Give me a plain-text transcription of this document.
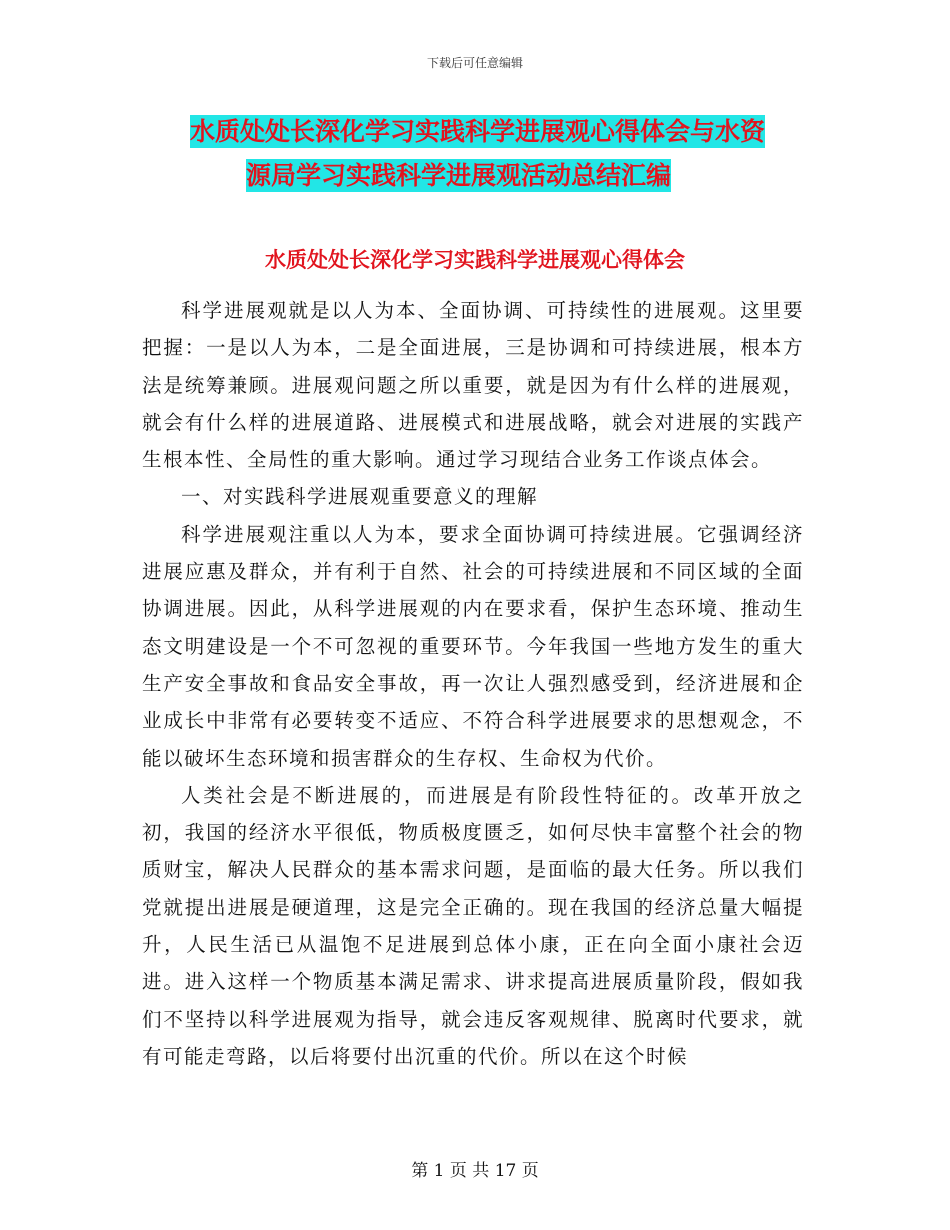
下载后可任意编辑
水质处处长深化学习实践科学进展观心得体会与水资
源局学习实践科学进展观活动总结汇编
水质处处长深化学习实践科学进展观心得体会

科学进展观就是以人为本、全面协调、可持续性的进展观。这里要把握：一是以人为本，二是全面进展，三是协调和可持续进展，根本方法是统筹兼顾。进展观问题之所以重要，就是因为有什么样的进展观，就会有什么样的进展道路、进展模式和进展战略，就会对进展的实践产生根本性、全局性的重大影响。通过学习现结合业务工作谈点体会。

一、对实践科学进展观重要意义的理解

科学进展观注重以人为本，要求全面协调可持续进展。它强调经济进展应惠及群众，并有利于自然、社会的可持续进展和不同区域的全面协调进展。因此，从科学进展观的内在要求看，保护生态环境、推动生态文明建设是一个不可忽视的重要环节。今年我国一些地方发生的重大生产安全事故和食品安全事故，再一次让人强烈感受到，经济进展和企业成长中非常有必要转变不适应、不符合科学进展要求的思想观念，不能以破坏生态环境和损害群众的生存权、生命权为代价。

人类社会是不断进展的，而进展是有阶段性特征的。改革开放之初，我国的经济水平很低，物质极度匮乏，如何尽快丰富整个社会的物质财宝，解决人民群众的基本需求问题，是面临的最大任务。所以我们党就提出进展是硬道理，这是完全正确的。现在我国的经济总量大幅提升，人民生活已从温饱不足进展到总体小康，正在向全面小康社会迈进。进入这样一个物质基本满足需求、讲求提高进展质量阶段，假如我们不坚持以科学进展观为指导，就会违反客观规律、脱离时代要求，就有可能走弯路，以后将要付出沉重的代价。所以在这个时候

第 1 页 共 17 页
